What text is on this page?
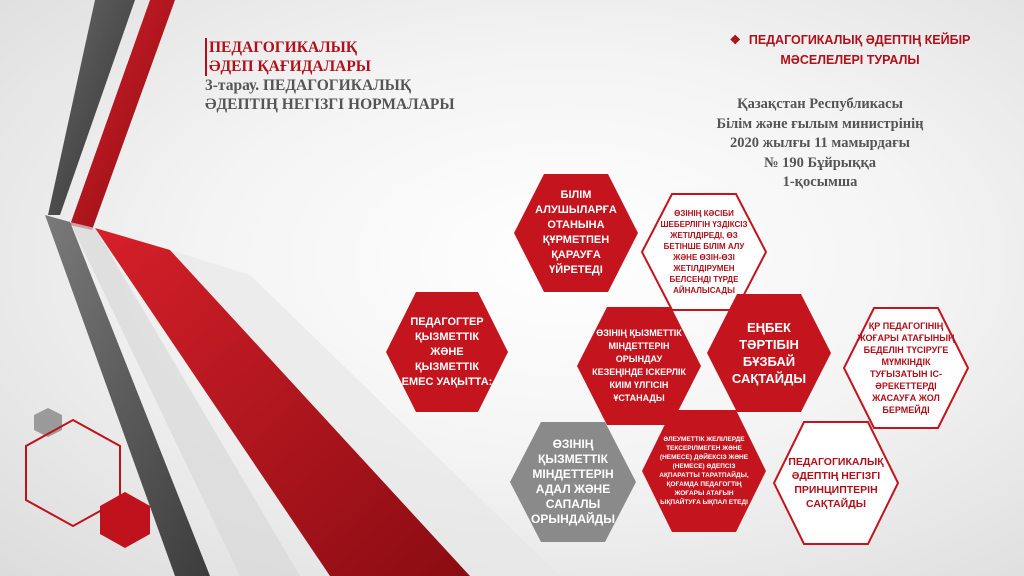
ПЕДАГОГИКАЛЫҚ
ӘДЕП ҚАҒИДАЛАРЫ
3-тарау. ПЕДАГОГИКАЛЫҚ
ӘДЕПТІҢ НЕГІЗГІ НОРМАЛАРЫ
❖ ПЕДАГОГИКАЛЫҚ ӘДЕПТІҢ КЕЙБІР
МӘСЕЛЕЛЕРІ ТУРАЛЫ
Қазақстан Республикасы
Білім және ғылым министрінің
2020 жылғы 11 мамырдағы
№ 190 Бұйрыққа
1-қосымша
БІЛІМ АЛУШЫЛАРҒА ОТАНЫНА ҚҰРМЕТПЕН ҚАРАУҒА ҮЙРЕТЕДІ
ӨЗІНІҢ КӘСІБИ ШЕБЕРЛІГІН ҮЗДІКСІЗ ЖЕТІЛДІРЕДІ, ӨЗ БЕТІНШЕ БІЛІМ АЛУ ЖӘНЕ ӨЗІН-ӨЗІ ЖЕТІЛДІРУМЕН БЕЛСЕНДІ ТҮРДЕ АЙНАЛЫСАДЫ
ПЕДАГОГТЕР ҚЫЗМЕТТІК ЖӘНЕ ҚЫЗМЕТТІК ЕМЕС УАҚЫТТА:
ӨЗІНІҢ ҚЫЗМЕТТІК МІНДЕТТЕРІН ОРЫНДАУ КЕЗЕҢІНДЕ ІСКЕРЛІК КИІМ ҮЛГІСІН ҰСТАНАДЫ
ЕҢБЕК ТӘРТІБІН БҰЗБАЙ САҚТАЙДЫ
ҚР ПЕДАГОГІНІҢ ЖОҒАРЫ АТАҒЫНЫҢ БЕДЕЛІН ТҮСІРУГЕ МҮМКІНДІК ТУҒЫЗАТЫН ІС-ӘРЕКЕТТЕРДІ ЖАСАУҒА ЖОЛ БЕРМЕЙДІ
ӨЗІНІҢ ҚЫЗМЕТТІК МІНДЕТТЕРІН АДАЛ ЖӘНЕ САПАЛЫ ОРЫНДАЙДЫ
ӘЛЕУМЕТТІК ЖЕЛІЛЕРДЕ ТЕКСЕРІЛМЕГЕН ЖӘНЕ (НЕМЕСЕ) ДӘЙЕКСІЗ ЖӘНЕ (НЕМЕСЕ) ӘДЕПСІЗ АҚПАРАТТЫ ТАРАТПАЙДЫ, ҚОҒАМДА ПЕДАГОГТІҢ ЖОҒАРЫ АТАҒЫН ЫҚПАЙТУҒА ЫҚПАЛ ЕТЕДІ
ПЕДАГОГИКАЛЫҚ ӘДЕПТІҢ НЕГІЗГІ ПРИНЦИПТЕРІН САҚТАЙДЫ
